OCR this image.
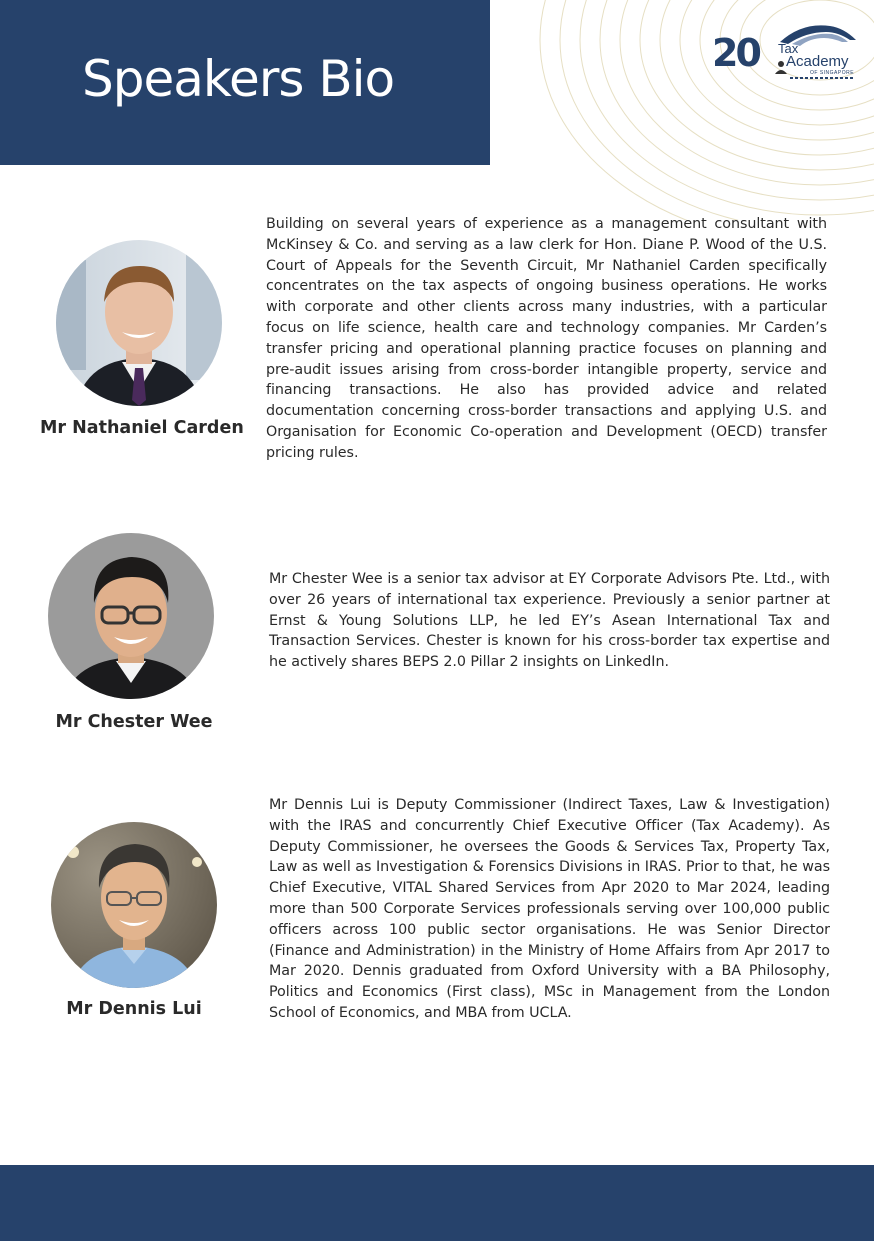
Speakers Bio	20 Tax
Academy
OF SINGAPORE

Mr Nathaniel Carden

Building on several years of experience as a management consultant with McKinsey & Co. and serving as a law clerk for Hon. Diane P. Wood of the U.S. Court of Appeals for the Seventh Circuit, Mr Nathaniel Carden specifically concentrates on the tax aspects of ongoing business operations. He works with corporate and other clients across many industries, with a particular focus on life science, health care and technology companies. Mr Carden’s transfer pricing and operational planning practice focuses on planning and pre-audit issues arising from cross-border intangible property, service and financing transactions. He also has provided advice and related documentation concerning cross-border transactions and applying U.S. and Organisation for Economic Co-operation and Development (OECD) transfer pricing rules.

Mr Chester Wee

Mr Chester Wee is a senior tax advisor at EY Corporate Advisors Pte. Ltd., with over 26 years of international tax experience. Previously a senior partner at Ernst & Young Solutions LLP, he led EY’s Asean International Tax and Transaction Services. Chester is known for his cross-border tax expertise and he actively shares BEPS 2.0 Pillar 2 insights on LinkedIn.

Mr Dennis Lui

Mr Dennis Lui is Deputy Commissioner (Indirect Taxes, Law & Investigation) with the IRAS and concurrently Chief Executive Officer (Tax Academy). As Deputy Commissioner, he oversees the Goods & Services Tax, Property Tax, Law as well as Investigation & Forensics Divisions in IRAS. Prior to that, he was Chief Executive, VITAL Shared Services from Apr 2020 to Mar 2024, leading more than 500 Corporate Services professionals serving over 100,000 public officers across 100 public sector organisations. He was Senior Director (Finance and Administration) in the Ministry of Home Affairs from Apr 2017 to Mar 2020. Dennis graduated from Oxford University with a BA Philosophy, Politics and Economics (First class), MSc in Management from the London School of Economics, and MBA from UCLA.
